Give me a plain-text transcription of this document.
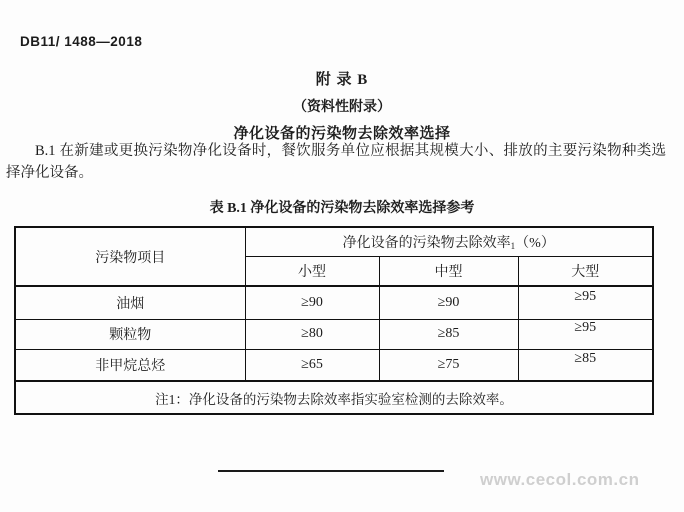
DB11/ 1488—2018
附 录 B
（资料性附录）
净化设备的污染物去除效率选择

B.1 在新建或更换污染物净化设备时，餐饮服务单位应根据其规模大小、排放的主要污染物种类选择净化设备。

表 B.1 净化设备的污染物去除效率选择参考
污染物项目	净化设备的污染物去除效率$_1$（%）		
	小型	中型	大型
油烟	≥90	≥90	≥95
颗粒物	≥80	≥85	≥95
非甲烷总烃	≥65	≥75	≥85
注1：净化设备的污染物去除效率指实验室检测的去除效率。			
www.cecol.com.cn
